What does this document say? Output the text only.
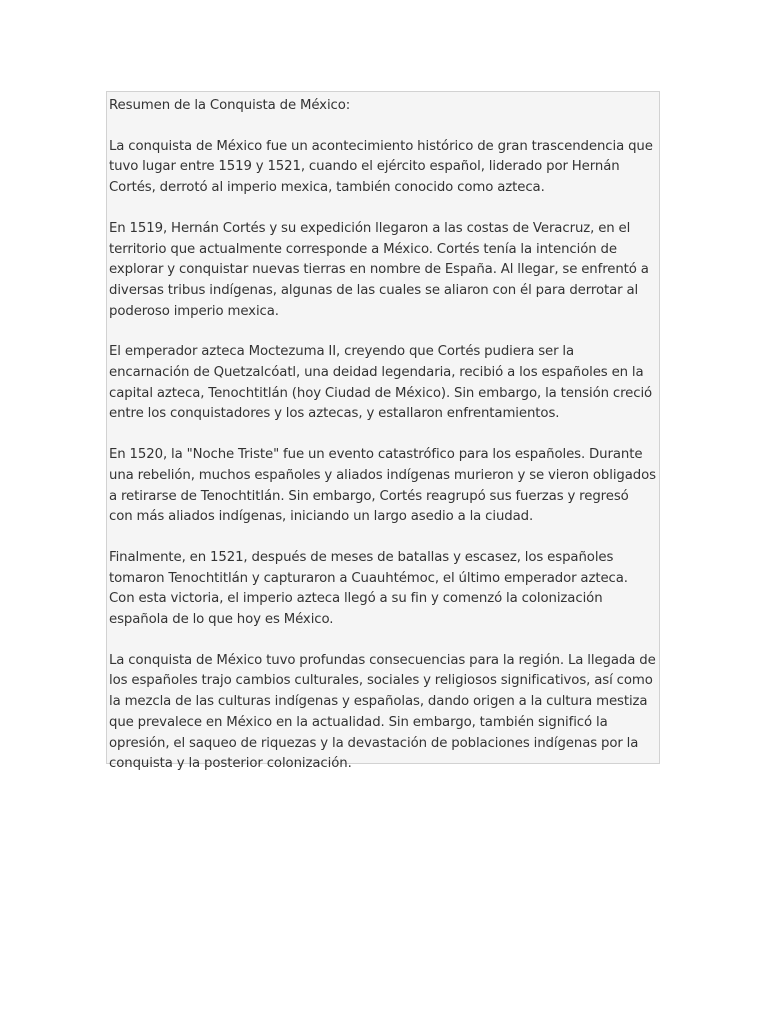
Resumen de la Conquista de México:

La conquista de México fue un acontecimiento histórico de gran trascendencia que tuvo lugar entre 1519 y 1521, cuando el ejército español, liderado por Hernán Cortés, derrotó al imperio mexica, también conocido como azteca.

En 1519, Hernán Cortés y su expedición llegaron a las costas de Veracruz, en el territorio que actualmente corresponde a México. Cortés tenía la intención de explorar y conquistar nuevas tierras en nombre de España. Al llegar, se enfrentó a diversas tribus indígenas, algunas de las cuales se aliaron con él para derrotar al poderoso imperio mexica.

El emperador azteca Moctezuma II, creyendo que Cortés pudiera ser la encarnación de Quetzalcóatl, una deidad legendaria, recibió a los españoles en la capital azteca, Tenochtitlán (hoy Ciudad de México). Sin embargo, la tensión creció entre los conquistadores y los aztecas, y estallaron enfrentamientos.

En 1520, la "Noche Triste" fue un evento catastrófico para los españoles. Durante una rebelión, muchos españoles y aliados indígenas murieron y se vieron obligados a retirarse de Tenochtitlán. Sin embargo, Cortés reagrupó sus fuerzas y regresó con más aliados indígenas, iniciando un largo asedio a la ciudad.

Finalmente, en 1521, después de meses de batallas y escasez, los españoles tomaron Tenochtitlán y capturaron a Cuauhtémoc, el último emperador azteca. Con esta victoria, el imperio azteca llegó a su fin y comenzó la colonización española de lo que hoy es México.

La conquista de México tuvo profundas consecuencias para la región. La llegada de los españoles trajo cambios culturales, sociales y religiosos significativos, así como la mezcla de las culturas indígenas y españolas, dando origen a la cultura mestiza que prevalece en México en la actualidad. Sin embargo, también significó la opresión, el saqueo de riquezas y la devastación de poblaciones indígenas por la conquista y la posterior colonización.
